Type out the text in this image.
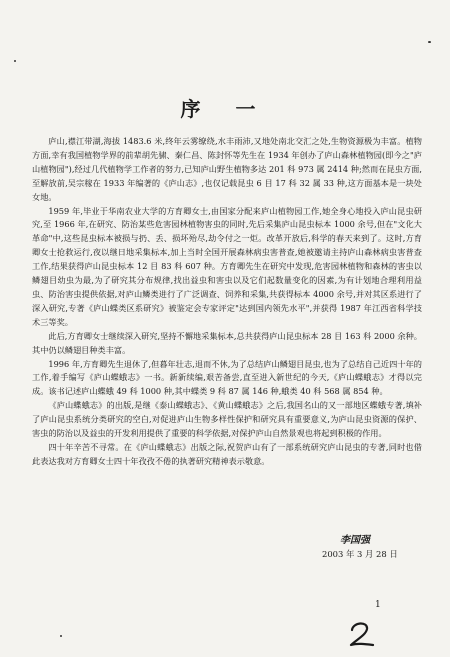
序 一

庐山,襟江带湖,海拔 1483.6 米,终年云雾缭绕,水丰雨沛,又地处南北交汇之处,生物资源极为丰富。植物方面,幸有我国植物学界的前辈胡先骕、秦仁昌、陈封怀等先生在 1934 年创办了庐山森林植物园(即今之"庐山植物园"),经过几代植物学工作者的努力,已知庐山野生植物多达 201 科 973 属 2414 种;然而在昆虫方面,至解放前,吴宗稼在 1933 年编著的《庐山志》,也仅记载昆虫 6 目 17 科 32 属 33 种,这方面基本是一块处女地。

1959 年,毕业于华南农业大学的方育卿女士,由国家分配来庐山植物园工作,她全身心地投入庐山昆虫研究,至 1966 年,在研究、防治某些危害园林植物害虫的同时,先后采集庐山昆虫标本 1000 余号,但在"文化大革命"中,这些昆虫标本被损与扔、丢、损坏殆尽,劫令付之一炬。改革开放后,科学的春天来到了。这时,方育卿女士抢救运行,夜以继日地采集标本,加上当时全国开展森林病虫害普查,她被邀请主持庐山森林病虫害普查工作,结果获得庐山昆虫标本 12 目 83 科 607 种。方育卿先生在研究中发现,危害园林植物和森林的害虫以鳞翅目幼虫为最,为了研究其分布规律,找出益虫和害虫以及它们起数量变化的因素,为有计划地合理利用益虫、防治害虫提供依据,对庐山鳞类进行了广泛调查、饲养和采集,共获得标本 4000 余号,并对其区系进行了深入研究,专著《庐山蝶类区系研究》被鉴定会专家评定"达到国内领先水平",并获得 1987 年江西省科学技术三等奖。

此后,方育卿女士继续深入研究,坚持不懈地采集标本,总共获得庐山昆虫标本 28 目 163 科 2000 余种。其中仍以鳞翅目种类丰富。

1996 年,方育卿先生退休了,但暮年壮志,退而不休,为了总结庐山鳞翅目昆虫,也为了总结自己近四十年的工作,着手编写《庐山蝶蛾志》一书。新新续编,艰苦备尝,直至进入新世纪的今天,《庐山蝶蛾志》才得以完成。该书记述庐山蝶蛾 49 科 1000 种,其中蝶类 9 科 87 属 146 种,蛾类 40 科 568 属 854 种。

《庐山蝶蛾志》的出版,是继《泰山蝶蛾志》、《黄山蝶蛾志》之后,我国名山的又一部地区蝶蛾专著,填补了庐山昆虫系统分类研究的空白,对促进庐山生物多样性保护和研究具有重要意义,为庐山昆虫资源的保护、害虫的防治以及益虫的开发利用提供了重要的科学依据,对保护庐山自然景观也将起到积极的作用。

四十年辛苦不寻常。在《庐山蝶蛾志》出版之际,祝贺庐山有了一部系统研究庐山昆虫的专著,同时也借此表达我对方育卿女士四十年孜孜不倦的执著研究精神表示敬意。

李国强
2003 年 3 月 28 日
1
